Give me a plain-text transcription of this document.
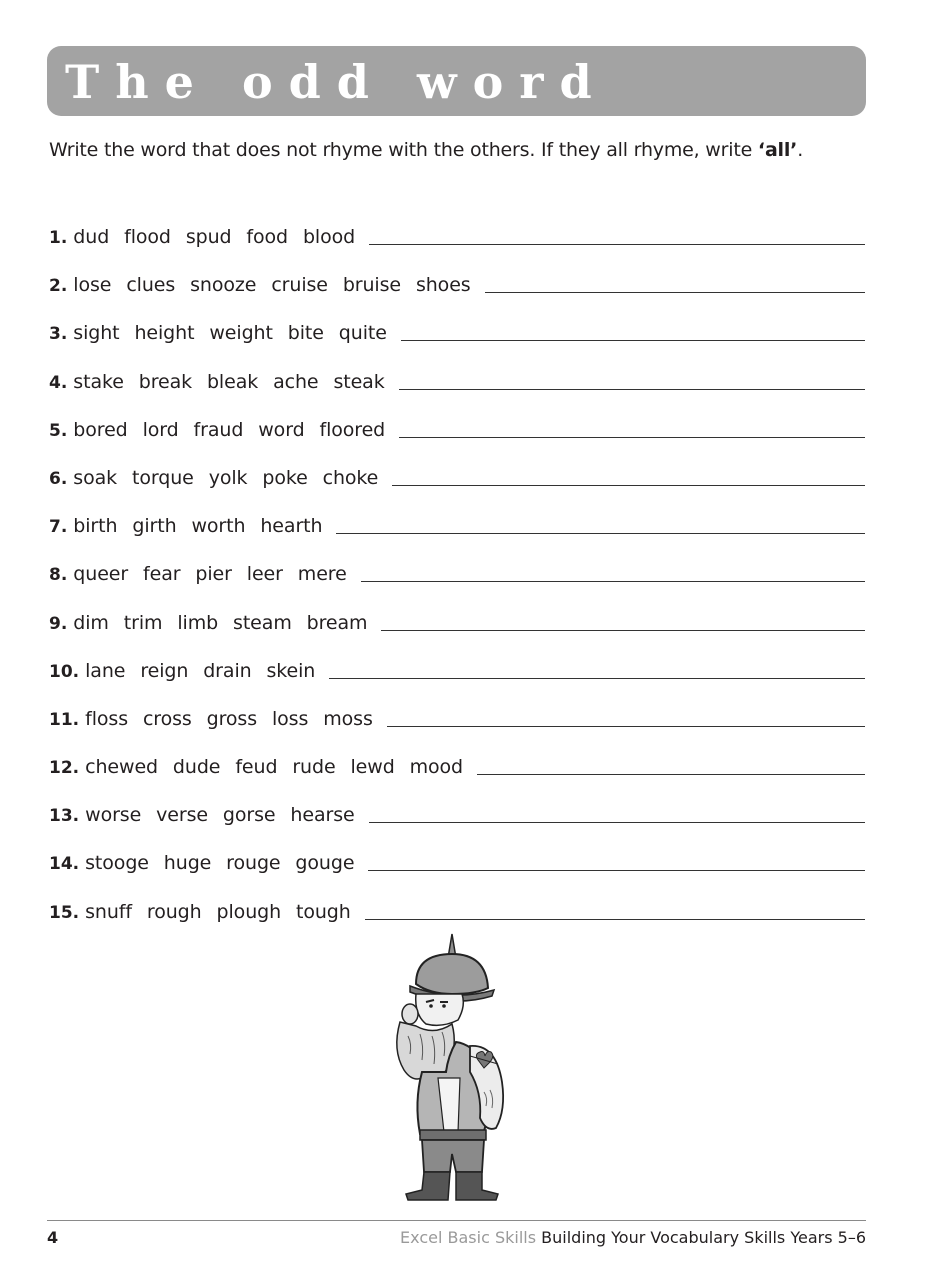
The odd word
Write the word that does not rhyme with the others. If they all rhyme, write ‘all’.
1. dud flood spud food blood
2. lose clues snooze cruise bruise shoes
3. sight height weight bite quite
4. stake break bleak ache steak
5. bored lord fraud word floored
6. soak torque yolk poke choke
7. birth girth worth hearth
8. queer fear pier leer mere
9. dim trim limb steam bream
10. lane reign drain skein
11. floss cross gross loss moss
12. chewed dude feud rude lewd mood
13. worse verse gorse hearse
14. stooge huge rouge gouge
15. snuff rough plough tough
4	Excel Basic Skills Building Your Vocabulary Skills Years 5–6
